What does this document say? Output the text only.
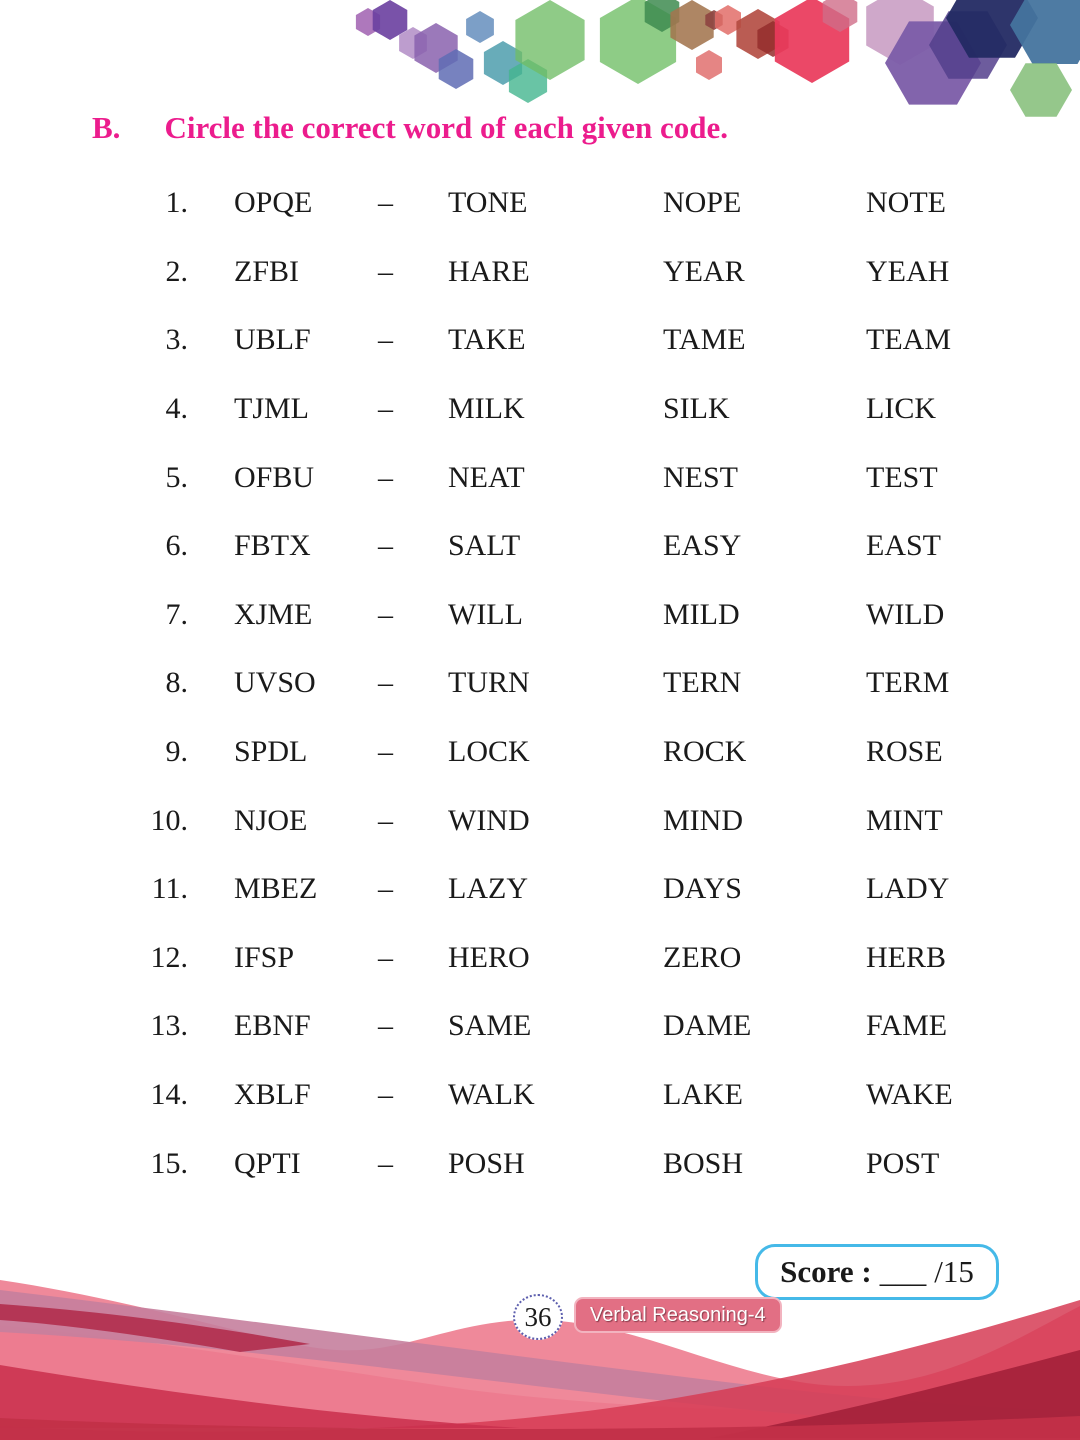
B. Circle the correct word of each given code.
1. OPQE	–	TONE	NOPE	NOTE
2. ZFBI	–	HARE	YEAR	YEAH
3. UBLF	–	TAKE	TAME	TEAM
4. TJML	–	MILK	SILK	LICK
5. OFBU	–	NEAT	NEST	TEST
6. FBTX	–	SALT	EASY	EAST
7. XJME	–	WILL	MILD	WILD
8. UVSO	–	TURN	TERN	TERM
9. SPDL	–	LOCK	ROCK	ROSE
10. NJOE	–	WIND	MIND	MINT
11. MBEZ	–	LAZY	DAYS	LADY
12. IFSP	–	HERO	ZERO	HERB
13. EBNF	–	SAME	DAME	FAME
14. XBLF	–	WALK	LAKE	WAKE
15. QPTI	–	POSH	BOSH	POST
Score : ___ /15
36	Verbal Reasoning-4
